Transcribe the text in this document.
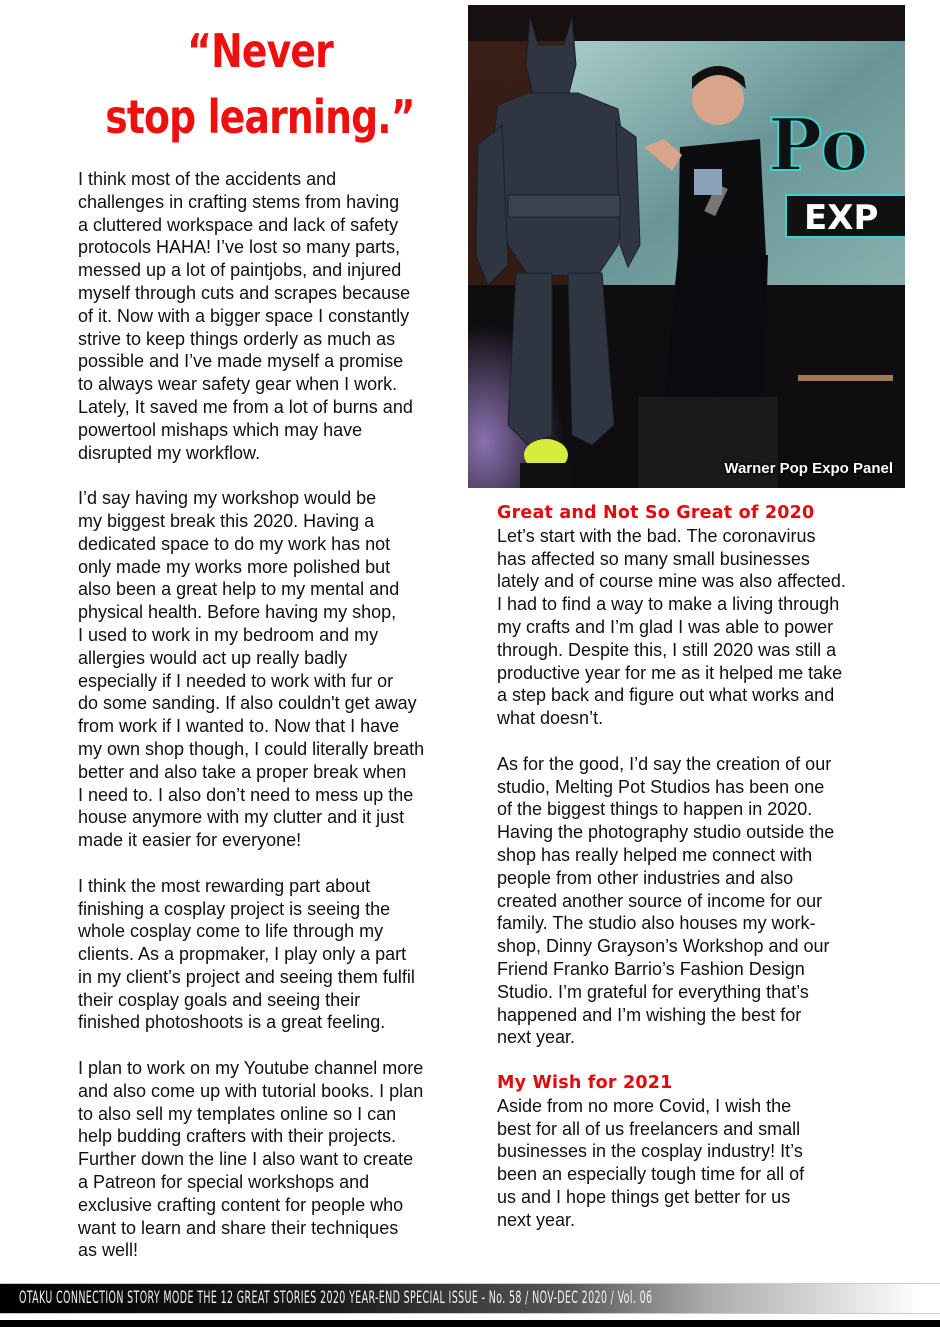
“Never
stop learning.”

I think most of the accidents and
challenges in crafting stems from having
a cluttered workspace and lack of safety
protocols HAHA! I’ve lost so many parts,
messed up a lot of paintjobs, and injured
myself through cuts and scrapes because
of it. Now with a bigger space I constantly
strive to keep things orderly as much as
possible and I’ve made myself a promise
to always wear safety gear when I work.
Lately, It saved me from a lot of burns and
powertool mishaps which may have
disrupted my workflow.

I’d say having my workshop would be
my biggest break this 2020. Having a
dedicated space to do my work has not
only made my works more polished but
also been a great help to my mental and
physical health. Before having my shop,
I used to work in my bedroom and my
allergies would act up really badly
especially if I needed to work with fur or
do some sanding. If also couldn't get away
from work if I wanted to. Now that I have
my own shop though, I could literally breath
better and also take a proper break when
I need to. I also don’t need to mess up the
house anymore with my clutter and it just
made it easier for everyone!

I think the most rewarding part about
finishing a cosplay project is seeing the
whole cosplay come to life through my
clients. As a propmaker, I play only a part
in my client’s project and seeing them fulfil
their cosplay goals and seeing their
finished photoshoots is a great feeling.

I plan to work on my Youtube channel more
and also come up with tutorial books. I plan
to also sell my templates online so I can
help budding crafters with their projects.
Further down the line I also want to create
a Patreon for special workshops and
exclusive crafting content for people who
want to learn and share their techniques
as well!

Po
EXP
Warner Pop Expo Panel
Great and Not So Great of 2020

Let’s start with the bad. The coronavirus
has affected so many small businesses
lately and of course mine was also affected.
I had to find a way to make a living through
my crafts and I’m glad I was able to power
through. Despite this, I still 2020 was still a
productive year for me as it helped me take
a step back and figure out what works and
what doesn’t.

As for the good, I’d say the creation of our
studio, Melting Pot Studios has been one
of the biggest things to happen in 2020.
Having the photography studio outside the
shop has really helped me connect with
people from other industries and also
created another source of income for our
family. The studio also houses my work-
shop, Dinny Grayson’s Workshop and our
Friend Franko Barrio’s Fashion Design
Studio. I’m grateful for everything that’s
happened and I’m wishing the best for
next year.

My Wish for 2021

Aside from no more Covid, I wish the
best for all of us freelancers and small
businesses in the cosplay industry! It’s
been an especially tough time for all of
us and I hope things get better for us
next year.

OTAKU CONNECTION STORY MODE THE 12 GREAT STORIES 2020 YEAR-END SPECIAL ISSUE - No. 58 / NOV-DEC 2020 / Vol. 06
